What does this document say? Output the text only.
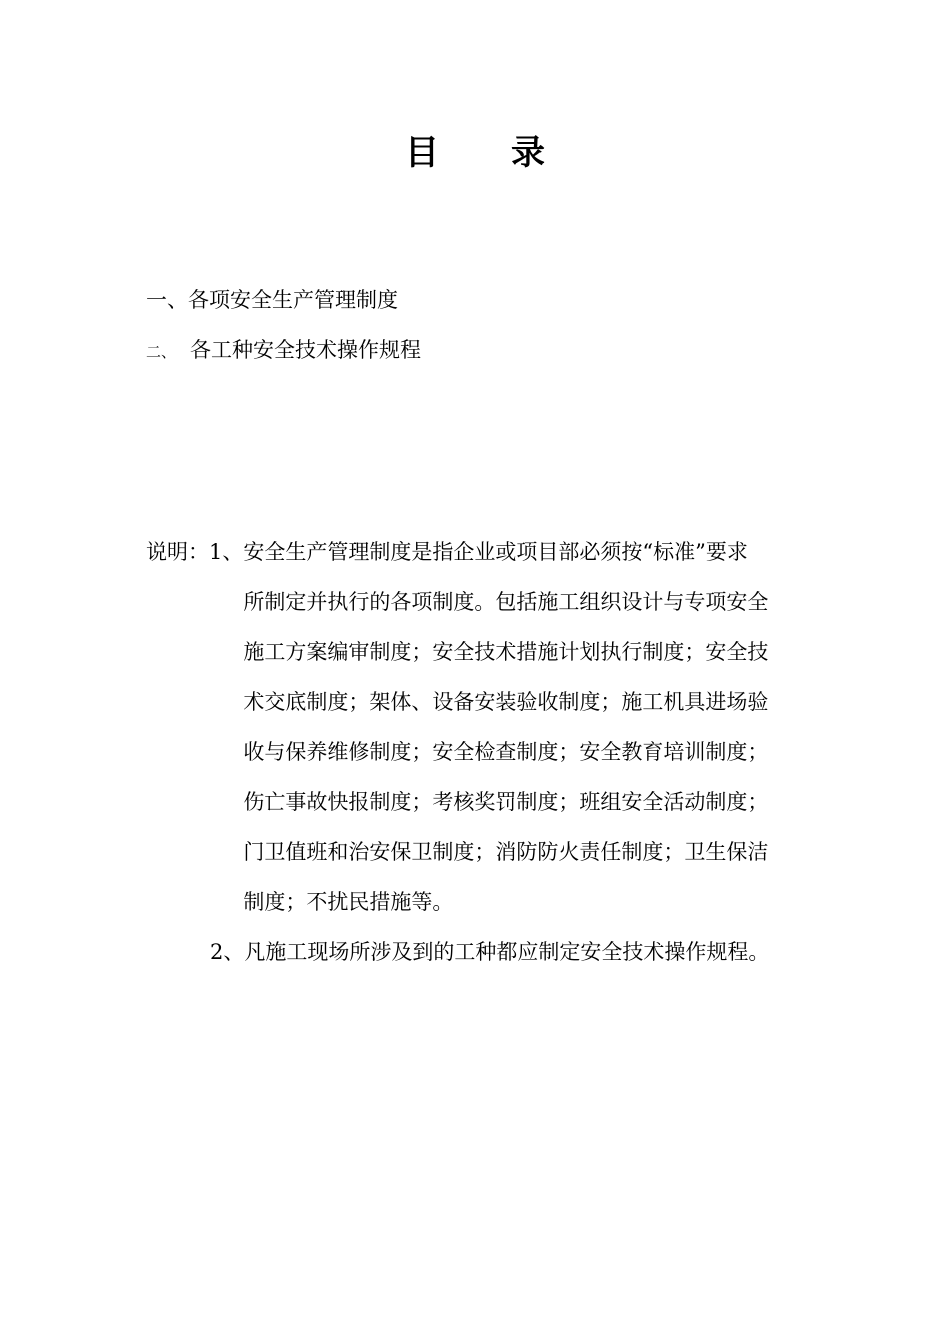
目 录
一、各项安全生产管理制度
二、 各工种安全技术操作规程
说明： 1、 安全生产管理制度是指企业或项目部必须按“标准”要求
所制定并执行的各项制度。包括施工组织设计与专项安全
施工方案编审制度；安全技术措施计划执行制度；安全技
术交底制度；架体、设备安装验收制度；施工机具进场验
收与保养维修制度；安全检查制度；安全教育培训制度；
伤亡事故快报制度；考核奖罚制度；班组安全活动制度；
门卫值班和治安保卫制度；消防防火责任制度；卫生保洁
制度；不扰民措施等。
2、凡施工现场所涉及到的工种都应制定安全技术操作规程。
